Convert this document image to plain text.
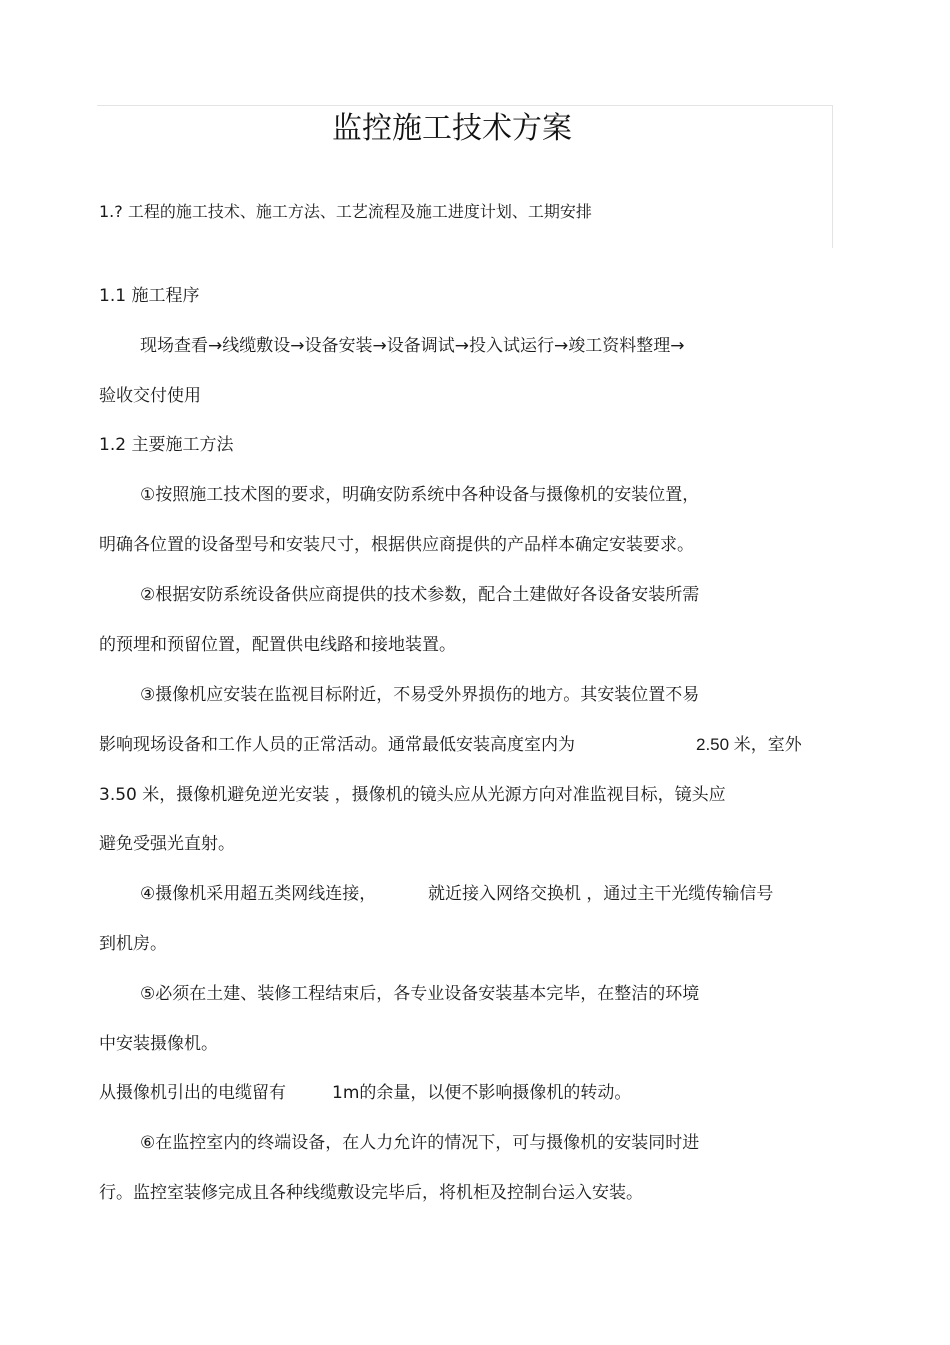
监控施工技术方案
1.? 工程的施工技术、施工方法、工艺流程及施工进度计划、工期安排
1.1 施工程序
现场查看→线缆敷设→设备安装→设备调试→投入试运行→竣工资料整理→
验收交付使用
1.2 主要施工方法
①按照施工技术图的要求，明确安防系统中各种设备与摄像机的安装位置，
明确各位置的设备型号和安装尺寸，根据供应商提供的产品样本确定安装要求。
②根据安防系统设备供应商提供的技术参数，配合土建做好各设备安装所需
的预埋和预留位置，配置供电线路和接地装置。
③摄像机应安装在监视目标附近，不易受外界损伤的地方。其安装位置不易
影响现场设备和工作人员的正常活动。通常最低安装高度室内为	2.50 米，室外
3.50 米，摄像机避免逆光安装 ，摄像机的镜头应从光源方向对准监视目标，镜头应
避免受强光直射。
④摄像机采用超五类网线连接，	就近接入网络交换机 ，通过主干光缆传输信号
到机房。
⑤必须在土建、装修工程结束后，各专业设备安装基本完毕，在整洁的环境
中安装摄像机。
从摄像机引出的电缆留有	1m的余量，以便不影响摄像机的转动。
⑥在监控室内的终端设备，在人力允许的情况下，可与摄像机的安装同时进
行。监控室装修完成且各种线缆敷设完毕后，将机柜及控制台运入安装。
